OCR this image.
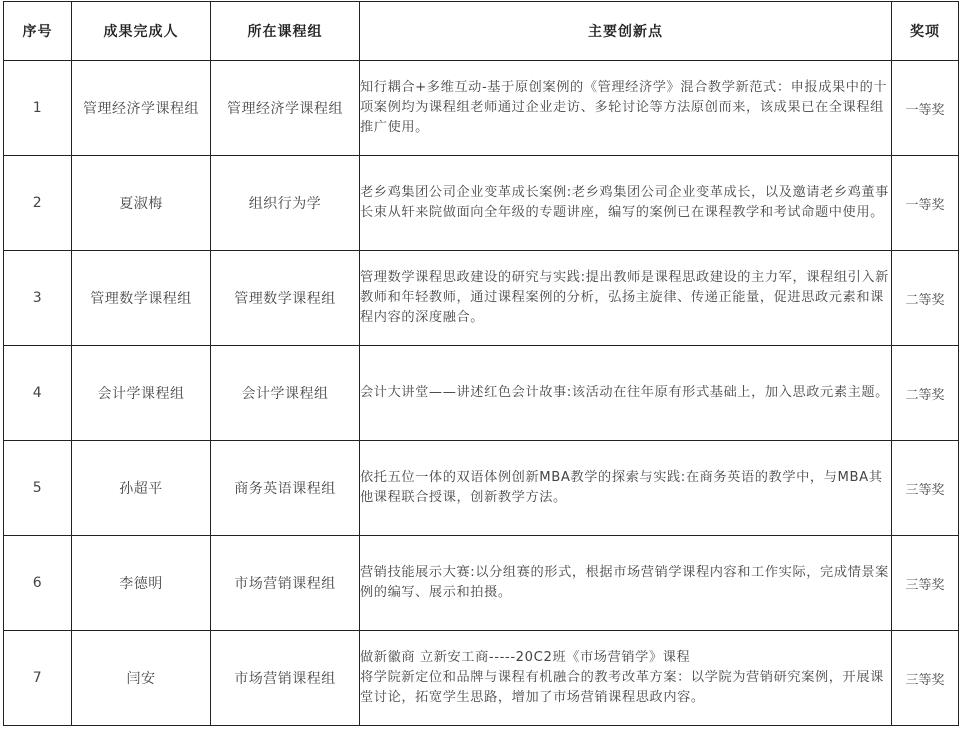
序号	成果完成人	所在课程组	主要创新点	奖项
1	管理经济学课程组	管理经济学课程组	知行耦合+多维互动-基于原创案例的《管理经济学》混合教学新范式：申报成果中的十项案例均为课程组老师通过企业走访、多轮讨论等方法原创而来，该成果已在全课程组推广使用。	一等奖
2	夏淑梅	组织行为学	老乡鸡集团公司企业变革成长案例:老乡鸡集团公司企业变革成长，以及邀请老乡鸡董事长束从轩来院做面向全年级的专题讲座，编写的案例已在课程教学和考试命题中使用。	一等奖
3	管理数学课程组	管理数学课程组	管理数学课程思政建设的研究与实践:提出教师是课程思政建设的主力军，课程组引入新教师和年轻教师，通过课程案例的分析，弘扬主旋律、传递正能量，促进思政元素和课程内容的深度融合。	二等奖
4	会计学课程组	会计学课程组	会计大讲堂——讲述红色会计故事:该活动在往年原有形式基础上，加入思政元素主题。	二等奖
5	孙超平	商务英语课程组	依托五位一体的双语体例创新MBA教学的探索与实践:在商务英语的教学中，与MBA其他课程联合授课，创新教学方法。	三等奖
6	李德明	市场营销课程组	营销技能展示大赛:以分组赛的形式，根据市场营销学课程内容和工作实际，完成情景案例的编写、展示和拍摄。	三等奖
7	闫安	市场营销课程组	做新徽商 立新安工商-----20C2班《市场营销学》课程
将学院新定位和品牌与课程有机融合的教考改革方案：以学院为营销研究案例，开展课堂讨论，拓宽学生思路，增加了市场营销课程思政内容。	三等奖
